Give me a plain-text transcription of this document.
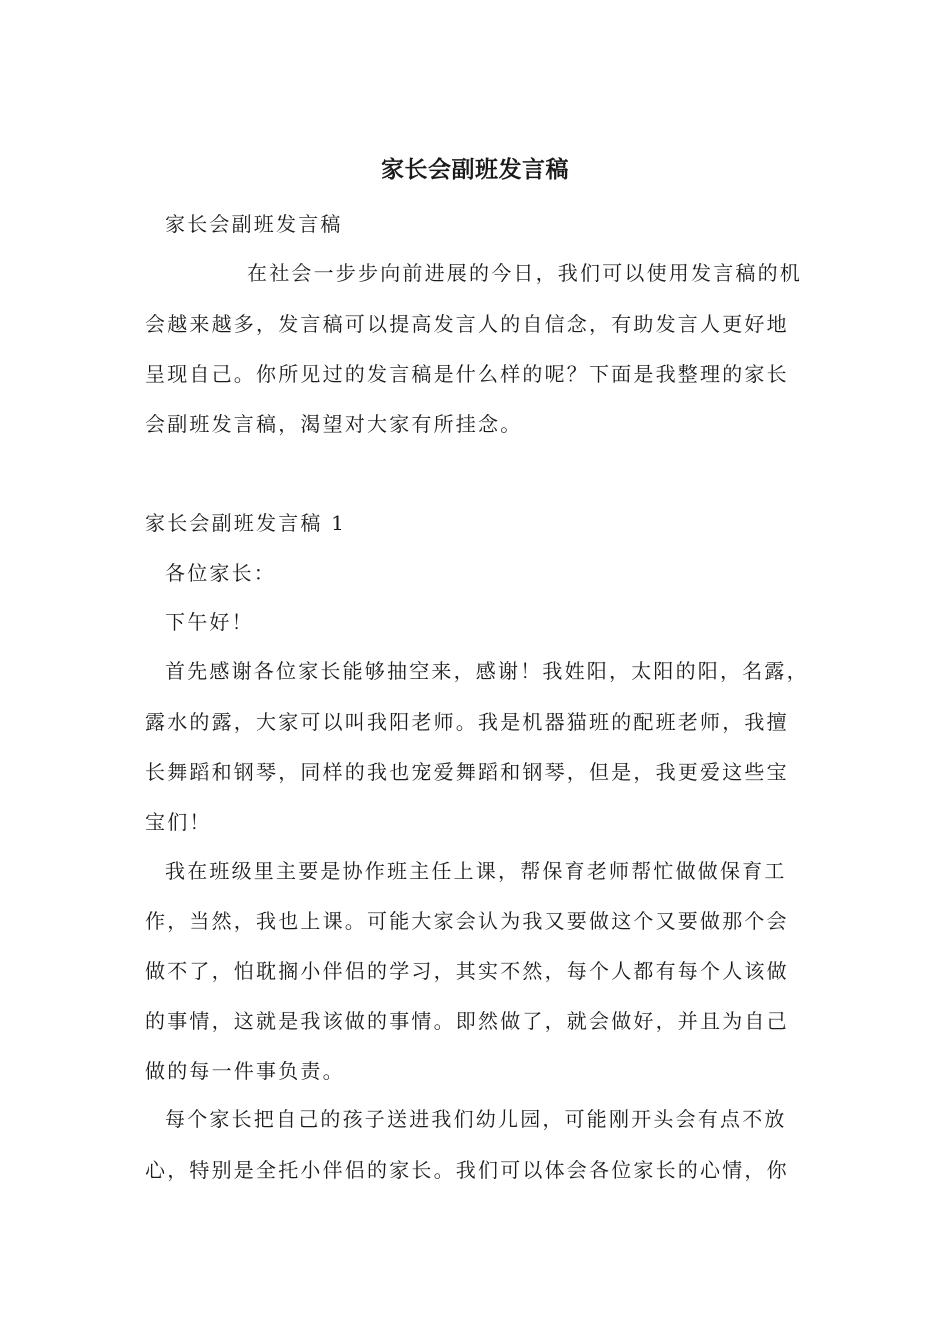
家长会副班发言稿
家长会副班发言稿
在社会一步步向前进展的今日，我们可以使用发言稿的机
会越来越多，发言稿可以提高发言人的自信念，有助发言人更好地
呈现自己。你所见过的发言稿是什么样的呢？下面是我整理的家长
会副班发言稿，渴望对大家有所挂念。
家长会副班发言稿 1
各位家长：
下午好！
首先感谢各位家长能够抽空来，感谢！我姓阳，太阳的阳，名露，
露水的露，大家可以叫我阳老师。我是机器猫班的配班老师，我擅
长舞蹈和钢琴，同样的我也宠爱舞蹈和钢琴，但是，我更爱这些宝
宝们！
我在班级里主要是协作班主任上课，帮保育老师帮忙做做保育工
作，当然，我也上课。可能大家会认为我又要做这个又要做那个会
做不了，怕耽搁小伴侣的学习，其实不然，每个人都有每个人该做
的事情，这就是我该做的事情。即然做了，就会做好，并且为自己
做的每一件事负责。
每个家长把自己的孩子送进我们幼儿园，可能刚开头会有点不放
心，特别是全托小伴侣的家长。我们可以体会各位家长的心情，你
